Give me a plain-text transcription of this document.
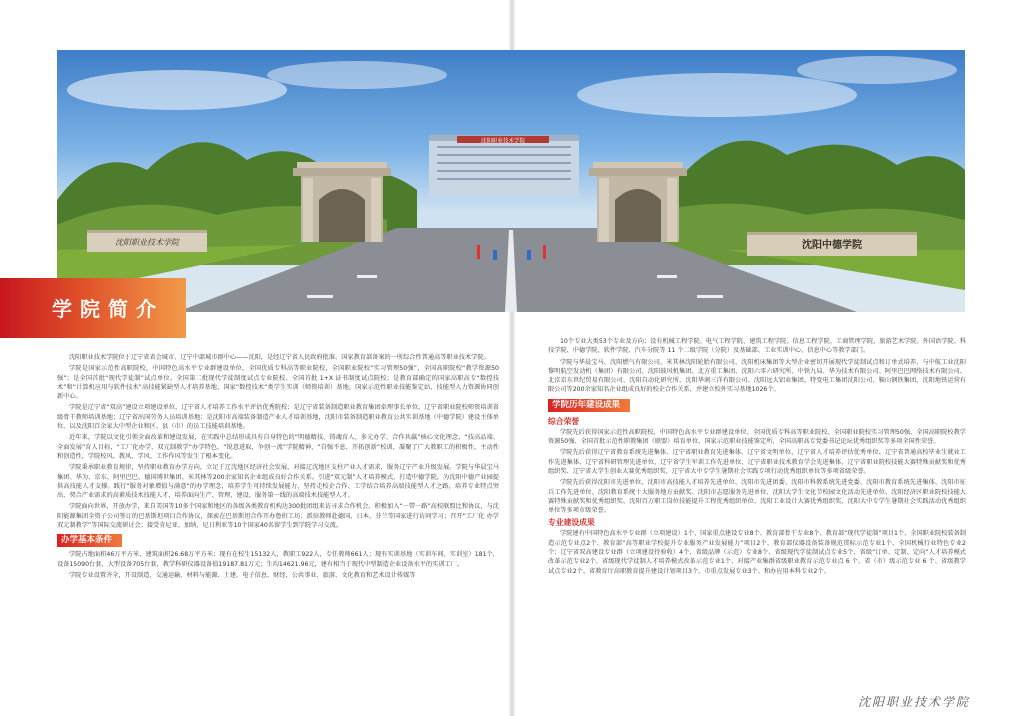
沈阳职业技术学院
沈阳职业技术学院	沈阳中德学院
学院简介

沈阳职业技术学院位于辽宁省省会城市、辽宁中部城市群中心——沈阳，是经辽宁省人民政府批准、国家教育部备案的一所综合性普通高等职业技术学院。

学院是国家示范性高职院校，中国特色高水平专业群建设单位，全国优质专科高等职业院校，全国职业院校“实习管理50强”，全国高职院校“教学资源50强”；是全国首批“现代学徒制”试点单位、全国第二批现代学徒制度试点专业院校、全国首批 1+X 证书制度试点院校；是教育部确定的国家高职高专“数控技术”和“计算机应用与软件技术”高技能紧缺型人才培养基地，国家“数控技术”类学生实训（师资培训）基地，国家示范性职业技能鉴定站，技能型人力资源协同创新中心。

学院是辽宁省“双高”建设立项建设单位，辽宁省人才培养工作水平评估优秀院校；是辽宁省装备制造职业教育集团牵理事长单位，辽宁省职业院校师资培训省级骨干教师培训基地；辽宁省出国劳务人员培训基地；是沈阳市高端装备制造产业人才培训基地，沈阳市装备制造职业教育公共实训基地（中德学院）建设主体单位，以及沈阳百余家大中型企业和区、县（市）的员工技能培训基地。

近年来，学院以文化引领全面改革和建设发展，在实践中总结形成具有自身特色的“明德精技、铸魂育人、多元办学、合作共赢”核心文化理念，“技高品端、全面发展”育人目标，“工厂化办学、双元制教学”办学特色，“锐意进取，争创一流”学院精神，“自强不息、开拓创新”校训，凝聚了广大教职工的积极性、主动性和创造性，学院校风、教风、学风、工作作风等发生了根本变化。

学院秉承职业教育规律，坚持职业教育办学方向，立足于辽沈地区经济社会发展，对接辽沈地区支柱产业人才需求，服务辽宁产业升级发展。学院与华晨宝马集团、华为、京东、阿里巴巴、德国博世集团、米其林等200余家知名企业组成良好合作关系。引进“双元制”人才培养模式，打造中德学院，为沈阳中德产业园提供高技能人才支撑。践行“服务对象增值与满意”的办学理念，培养学生可持续发展能力，坚持走校企合作、工学结合培养高端技能型人才之路，培养专业特点突出、契合产业需求的高素质技术技能人才，培养面向生产、管理、建设、服务第一线的高端技术技能型人才。

学院面向世界，开放办学，来自美国等10多个国家和地区的各级各类教育机构达300批团组来访寻求合作机会。积极加入“一带一路”高校联盟比和协议，与沈阳能源集团全资子公司签订的巴基斯坦项目合作协议，探索在巴基斯坦合作开办鲁班工坊；派驻教师赴德国、日本、芬兰等国家进行访问学习；召开“工厂化 办学双元制教学”等国际交流研讨会；接受肯尼亚、加纳、尼日利亚等10个国家40名留学生到学院学习交流。

办学基本条件

学院占地面积46万平方米，建筑面积26.68万平方米；现有在校生15132人，教职工922人，专任教师661人；现有实训基地（实训车间、实训室）181个，设备15090台套，大型设备705台套，教学科研仪器设备值19187.81万元；生均14621.96元，建有相当于现代中型制造企业设备水平的实训工厂。

学院专业设置齐全，开设制造、交通运输、材料与能源、土建、电子信息、财经、公共事业、旅游、文化教育和艺术设计传媒等

10个专业大类53个专业及方向；设有机械工程学院、电气工程学院、建筑工程学院、信息工程学院、工商管理学院、旅游艺术学院、外国语学院、科技学院、中德学院、软件学院、汽车分院等 11 个二级学院（分院）及基础部、工业实训中心、信息中心等教学部门。

学院与华晨宝马、沈阳燃气有限公司、米其林沈阳轮胎有限公司、沈阳机床集团等大型企业密切开展现代学徒制试点和订单式培养，与中航工业沈阳黎明航空发动机（集团）有限公司、沈阳鼓风机集团、北方重工集团、沈阳六零六研究所、中铁九局、华为技术有限公司、阿里巴巴网络技术有限公司、北京京东世纪贸易有限公司、沈阳自动化研究所、沈阳华润三洋有限公司、沈阳远大铝业集团、特变电工集团沈阳公司、鞍山钢铁集团、沈阳地铁运营有限公司等200余家知名企业组成良好的校企合作关系，并建立校外实习基地1026个。

学院历年建设成果
综合荣誉

学院先后获得国家示范性高职院校、中国特色高水平专业群建设单位、全国优质专科高等职业院校、全国职业院校实习管理50强、全国高职院校教学资源50强、全国首批示范性职教集团（联盟）培育单位、国家示范职业技能鉴定所、全国高职高专党委书记论坛优秀组织奖等多项全国性荣誉。

学院先后获得辽宁省教育系统先进集体、辽宁省职业教育先进集体、辽宁省文明单位、辽宁省人才培养评估优秀单位、辽宁省普通高校毕业生就业工作先进集体、辽宁省科研管理先进单位、辽宁省学生军训工作先进单位、辽宁省职业技术教育学会先进集体、辽宁省职业院校技能大赛特殊贡献奖和优秀组织奖、辽宁省大学生创业大赛优秀组织奖、辽宁省大中专学生暑期社会实践专项行动优秀组织单位等多项省级荣誉。

学院先后获得沈阳市先进单位、沈阳市高技能人才培养先进单位、沈阳市先进团委、沈阳市科教系统先进党委、沈阳市教育系统先进集体、沈阳市征兵工作先进单位、沈阳教育系统十大服务地方贡献奖、沈阳市志愿服务先进单位、沈阳大学生文化节校园文化活动先进单位、沈阳经济区职业院校技能大赛特殊贡献奖和优秀组织奖、沈阳百万职工岗位技能提升工程优秀组织单位、沈阳工业设计大赛优秀组织奖、沈阳大中专学生暑期社会实践活动优秀组织单位等多项市级荣誉。

专业建设成果

学院建有中国特色高水平专业群（立项建设）1个、国家重点建设专业8个、教育部骨干专业8个、教育部“现代学徒制”项目1个、全国职业院校装备制造示范专业点2个、教育部“高等职业学校提升专业服务产业发展能力”项目2个、教育部仪器设备装备规范贯标示范专业1个、全国机械行业特色专业2个；辽宁省双高建设专业群（立项建设待验收）4个、省级品牌（示范）专业8个、省级现代学徒制试点专业5个、省级“订单、定制、定向”人才培养模式 改革示范专业2个、省级现代学徒制人才培养模式改革示范专业1个、对接产业集群省级职业教育示范专业点 6 个、省（市）级示范专业 6 个、省级教学试点专业2个、省教育厅高职教育提升建设计划项目3个、市重点发展专业3个、和办应用本科专业2个。

沈阳职业技术学院
